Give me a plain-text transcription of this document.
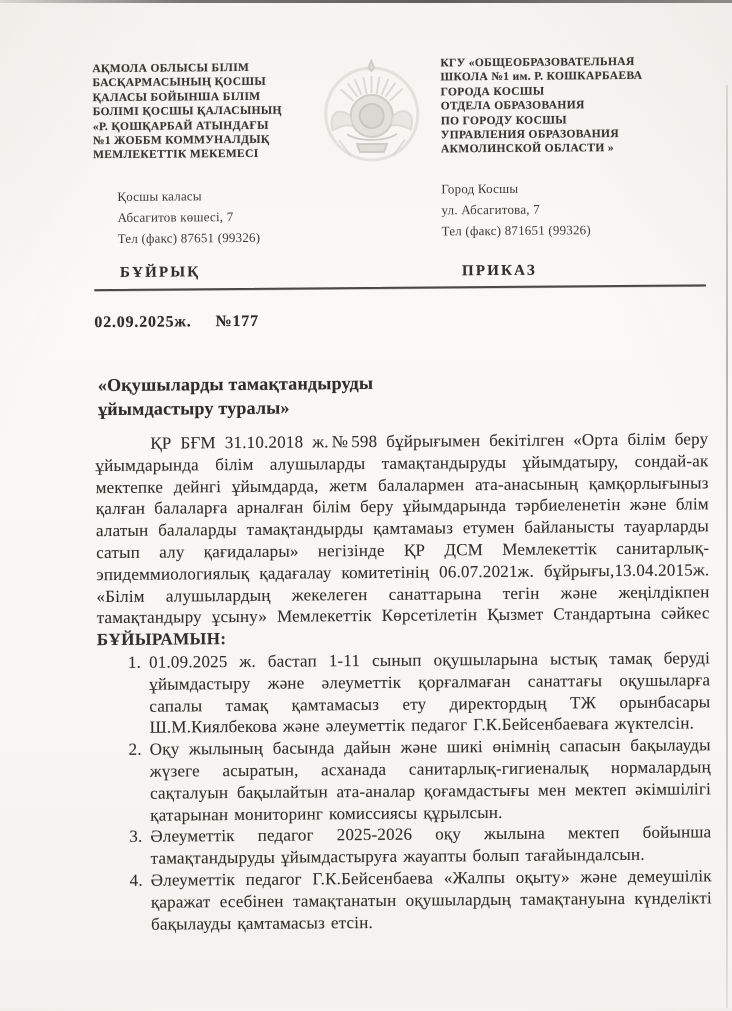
АҚМОЛА ОБЛЫСЫ БІЛІМ
БАСҚАРМАСЫНЫҢ ҚОСШЫ
ҚАЛАСЫ БОЙЫНША БІЛІМ
БОЛІМІ ҚОСШЫ ҚАЛАСЫНЫҢ
«Р. ҚОШҚАРБАЙ АТЫНДАҒЫ
№1 ЖОББМ КОММУНАЛДЫҚ
МЕМЛЕКЕТТІК МЕКЕМЕСІ
КГУ «ОБЩЕОБРАЗОВАТЕЛЬНАЯ
ШКОЛА №1 им. Р. КОШКАРБАЕВА
ГОРОДА КОСШЫ
ОТДЕЛА ОБРАЗОВАНИЯ
ПО ГОРОДУ КОСШЫ
УПРАВЛЕНИЯ ОБРАЗОВАНИЯ
АКМОЛИНСКОЙ ОБЛАСТИ »
Қосшы каласы
Абсагитов көшесі, 7
Тел (факс) 87651 (99326)
Город Косшы
ул. Абсагитова, 7
Тел (факс) 871651 (99326)
БҰЙРЫҚ	ПРИКАЗ
02.09.2025ж. №177
«Оқушыларды тамақтандыруды
ұйымдастыру туралы»

ҚР БҒМ 31.10.2018 ж.№598 бұйрығымен бекітілген «Орта білім беру ұйымдарында білім алушыларды тамақтандыруды ұйымдатыру, сондай-ак мектепке дейнгі ұйымдарда, жетм балалармен ата-анасының қамқорлығыныз қалған балаларға арналған білім беру ұйымдарында тәрбиеленетін және блім алатын балаларды тамақтандырды қамтамаыз етумен байланысты тауарларды сатып алу қағидалары» негізінде ҚР ДСМ Мемлекеттік санитарлық-эпидеммиологиялық қадағалау комитетінің 06.07.2021ж. бұйрығы,13.04.2015ж. «Білім алушылардың жекелеген санаттарына тегін және жеңілдікпен тамақтандыру ұсыну» Мемлекеттік Көрсетілетін Қызмет Стандартына сәйкес БҰЙЫРАМЫН:

1. 01.09.2025 ж. бастап 1-11 сынып оқушыларына ыстық тамақ беруді ұйымдастыру және әлеуметтік қорғалмаған санаттағы оқушыларға сапалы тамақ қамтамасыз ету директордың ТЖ орынбасары Ш.М.Киялбекова және әлеуметтік педагог Г.К.Бейсенбаеваға жүктелсін.
2. Оқу жылының басында дайын және шикі өнімнің сапасын бақылауды жүзеге асыратын, асханада санитарлық-гигиеналық нормалардың сақталуын бақылайтын ата-аналар қоғамдастығы мен мектеп әкімшілігі қатарынан мониторинг комиссиясы құрылсын.
3. Әлеуметтік педагог 2025-2026 оқу жылына мектеп бойынша тамақтандыруды ұйымдастыруға жауапты болып тағайындалсын.
4. Әлеуметтік педагог Г.К.Бейсенбаева «Жалпы оқыту» және демеушілік қаражат есебінен тамақтанатын оқушылардың тамақтануына күнделікті бақылауды қамтамасыз етсін.
